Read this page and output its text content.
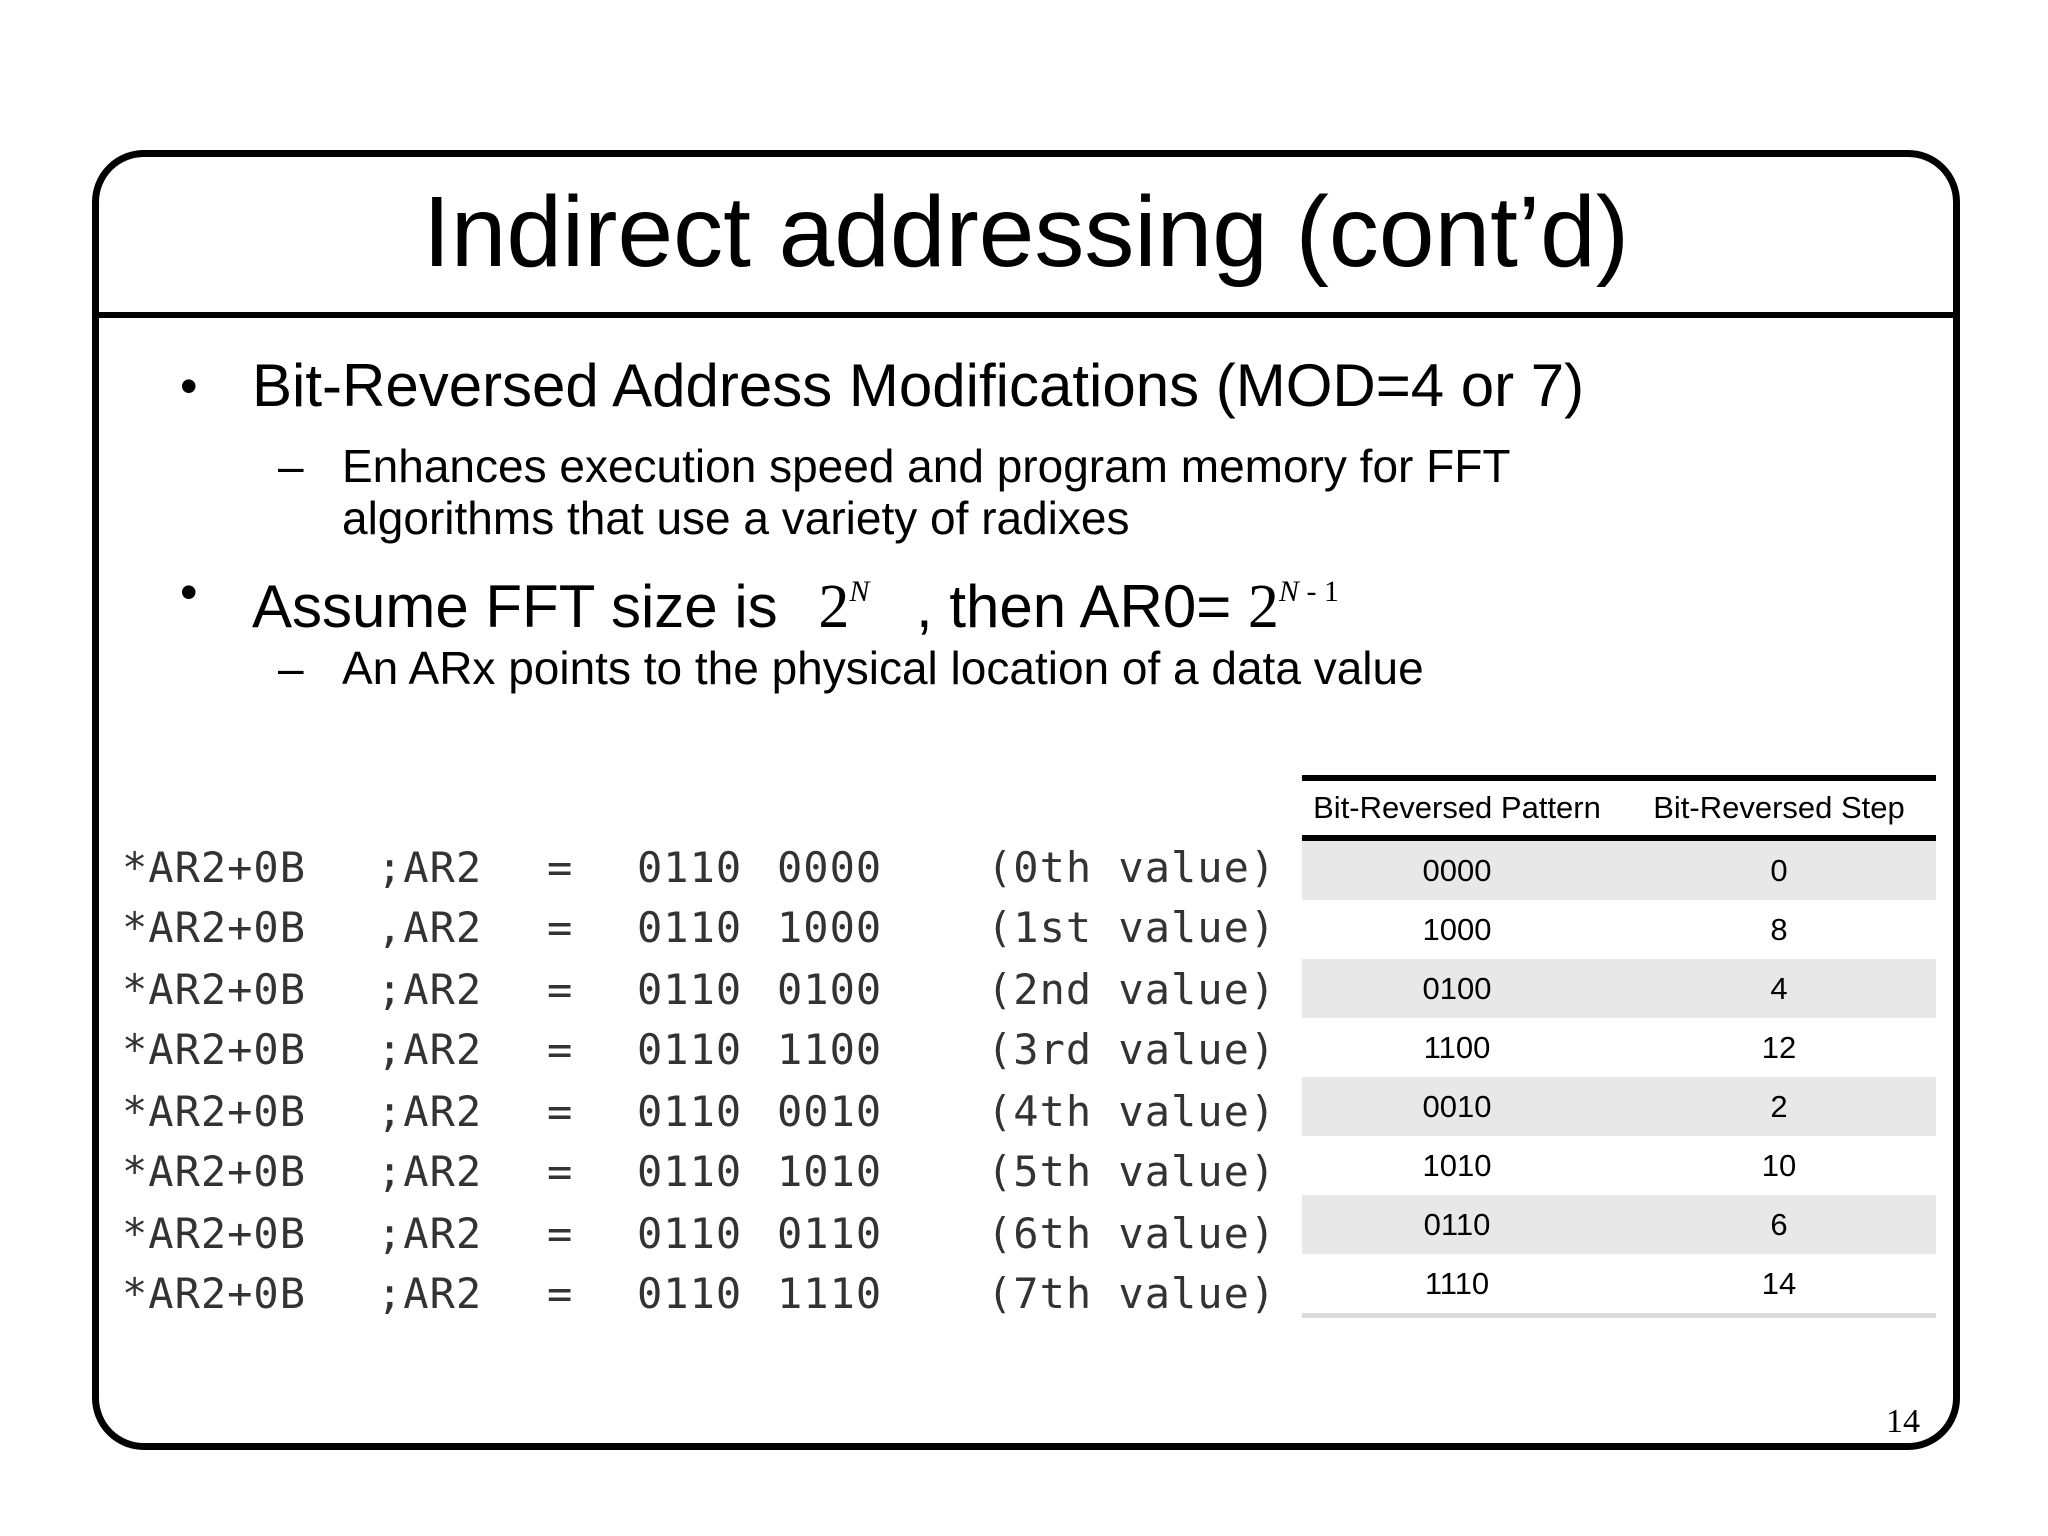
Indirect addressing (cont’d)
• Bit-Reversed Address Modifications (MOD=4 or 7)
– Enhances execution speed and program memory for FFT
algorithms that use a variety of radixes
• Assume FFT size is $2^N$ , then $AR0= 2^{N - 1}$
– An ARx points to the physical location of a data value
*AR2+0B ;AR2 = 0110 0000 (0th value)
*AR2+0B ,AR2 = 0110 1000 (1st value)
*AR2+0B ;AR2 = 0110 0100 (2nd value)
*AR2+0B ;AR2 = 0110 1100 (3rd value)
*AR2+0B ;AR2 = 0110 0010 (4th value)
*AR2+0B ;AR2 = 0110 1010 (5th value)
*AR2+0B ;AR2 = 0110 0110 (6th value)
*AR2+0B ;AR2 = 0110 1110 (7th value)
Bit-Reversed Pattern	Bit-Reversed Step
0000	0
1000	8
0100	4
1100	12
0010	2
1010	10
0110	6
1110	14
14
